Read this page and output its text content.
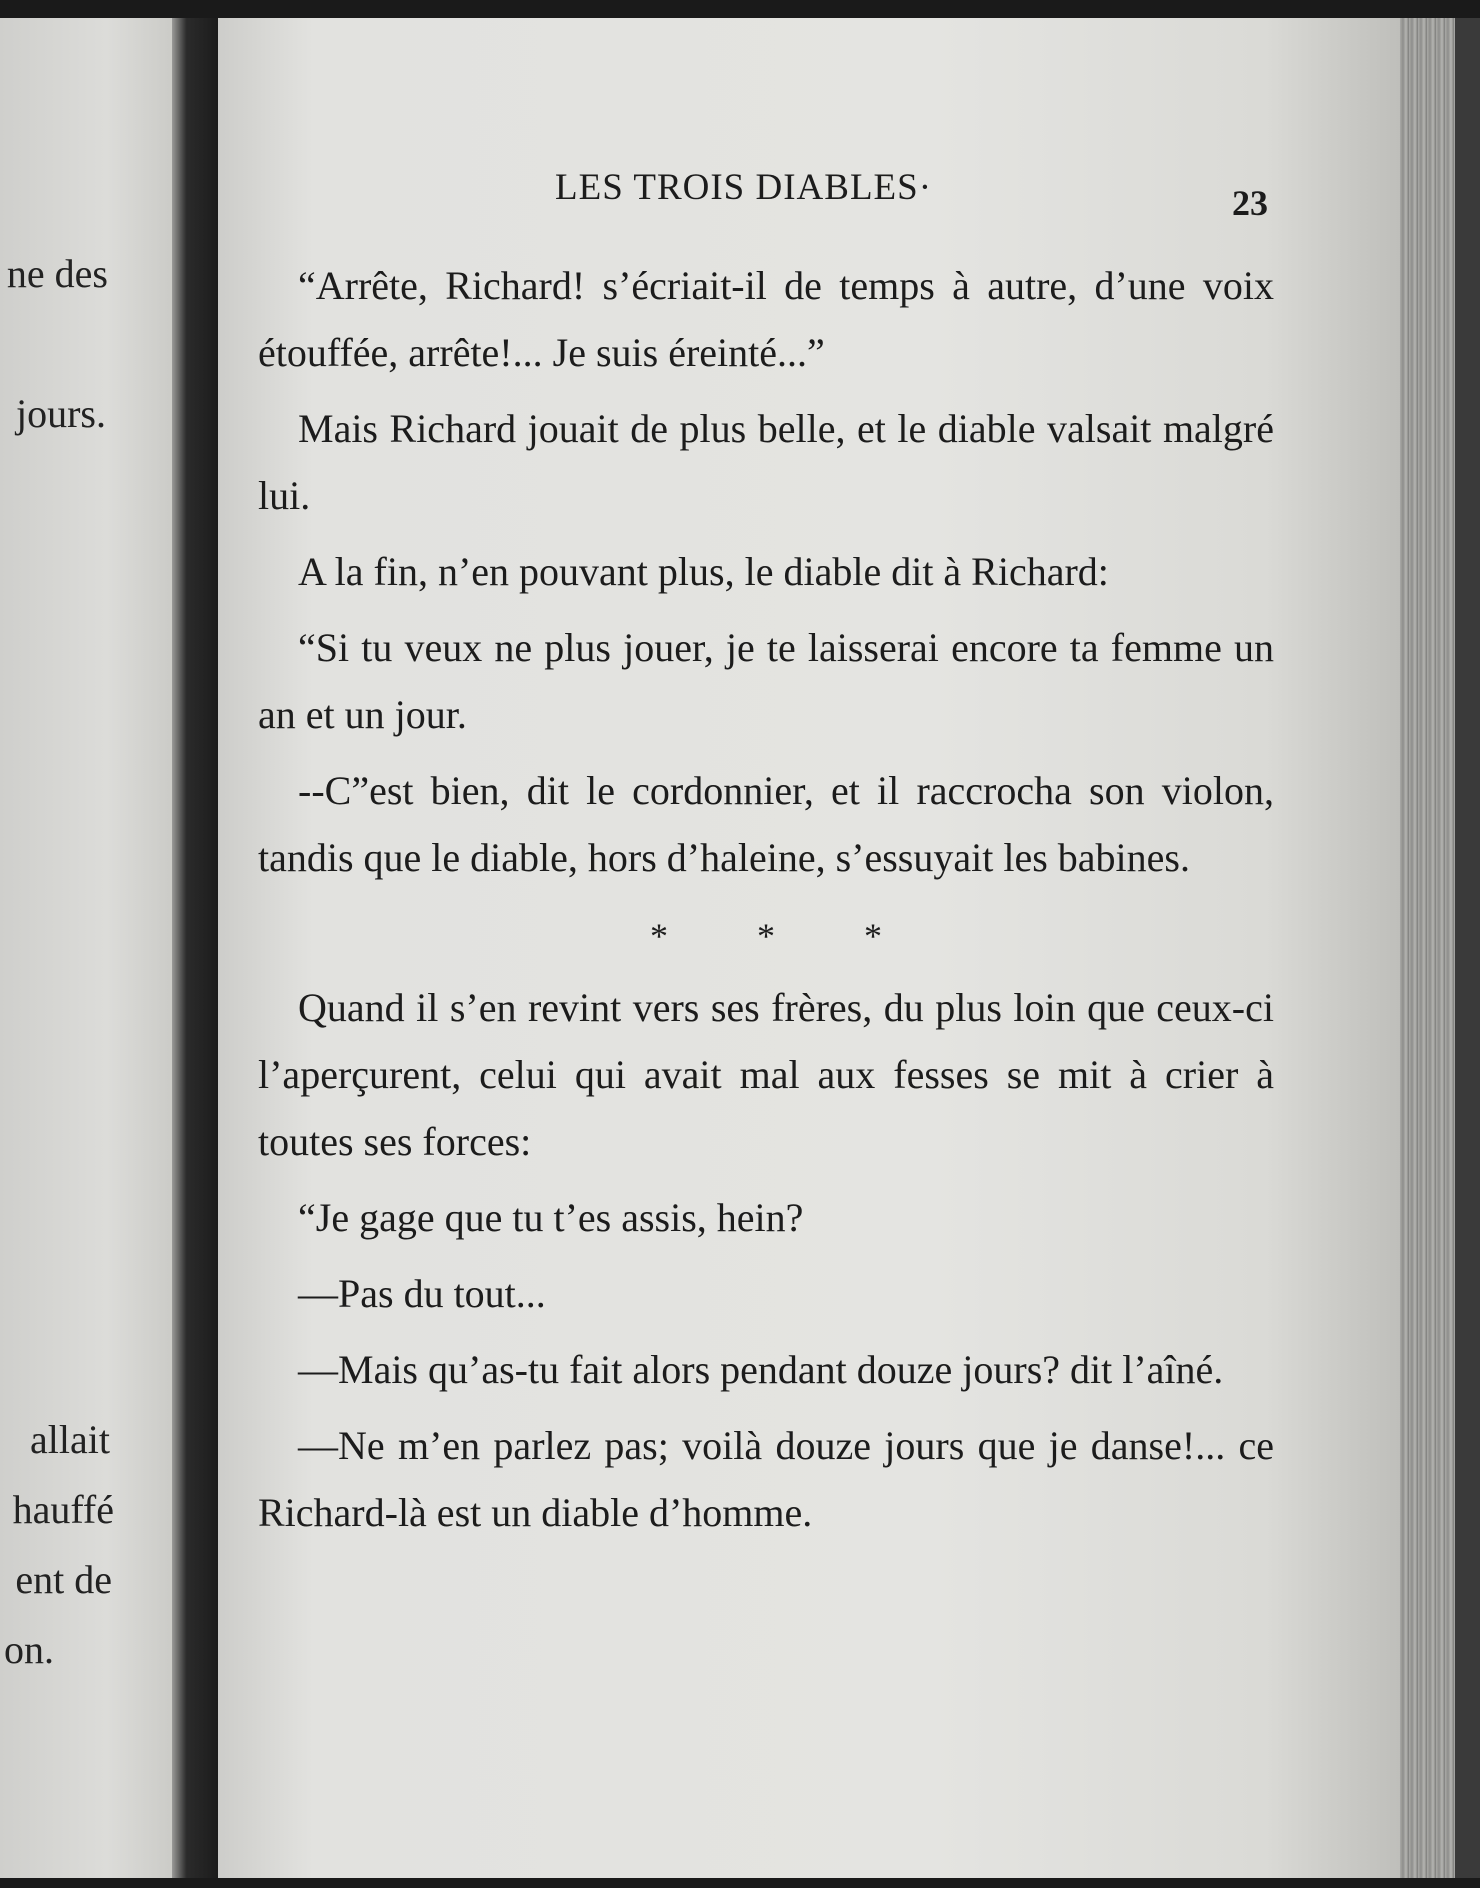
ne des
jours.
allait
hauffé
ent de
on.
LES TROIS DIABLES·	23

“Arrête, Richard! s’écriait-il de temps à autre, d’une voix étouffée, arrête!... Je suis éreinté...”

Mais Richard jouait de plus belle, et le diable valsait malgré lui.

A la fin, n’en pouvant plus, le diable dit à Richard:

“Si tu veux ne plus jouer, je te laisserai encore ta femme un an et un jour.

--C”est bien, dit le cordonnier, et il raccrocha son violon, tandis que le diable, hors d’haleine, s’essuyait les babines.

* * *

Quand il s’en revint vers ses frères, du plus loin que ceux-ci l’aperçurent, celui qui avait mal aux fesses se mit à crier à toutes ses forces:

“Je gage que tu t’es assis, hein?

—Pas du tout...

—Mais qu’as-tu fait alors pendant douze jours? dit l’aîné.

—Ne m’en parlez pas; voilà douze jours que je danse!... ce Richard-là est un diable d’homme.
